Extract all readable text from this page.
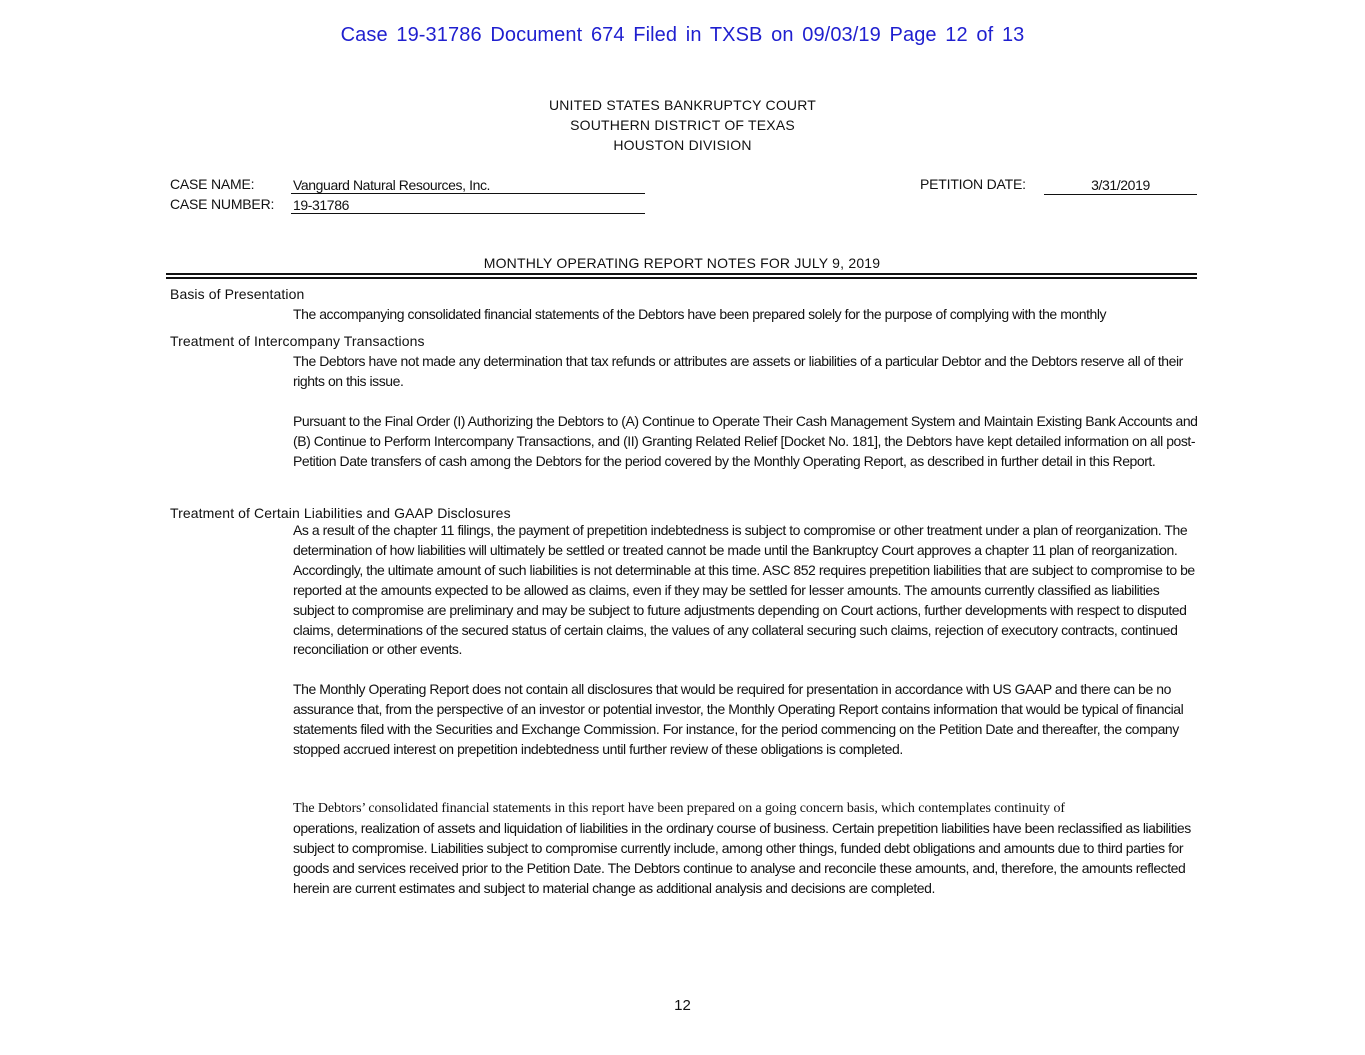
Case 19-31786 Document 674 Filed in TXSB on 09/03/19 Page 12 of 13
UNITED STATES BANKRUPTCY COURT
SOUTHERN DISTRICT OF TEXAS
HOUSTON DIVISION
CASE NAME:	Vanguard Natural Resources, Inc.
CASE NUMBER: 19-31786
PETITION DATE:	3/31/2019
MONTHLY OPERATING REPORT NOTES FOR JULY 9, 2019
Basis of Presentation
The accompanying consolidated financial statements of the Debtors have been prepared solely for the purpose of complying with the monthly
Treatment of Intercompany Transactions
The Debtors have not made any determination that tax refunds or attributes are assets or liabilities of a particular Debtor and the Debtors reserve all of their rights on this issue.
Pursuant to the Final Order (I) Authorizing the Debtors to (A) Continue to Operate Their Cash Management System and Maintain Existing Bank Accounts and (B) Continue to Perform Intercompany Transactions, and (II) Granting Related Relief [Docket No. 181], the Debtors have kept detailed information on all post-Petition Date transfers of cash among the Debtors for the period covered by the Monthly Operating Report, as described in further detail in this Report.
Treatment of Certain Liabilities and GAAP Disclosures
As a result of the chapter 11 filings, the payment of prepetition indebtedness is subject to compromise or other treatment under a plan of reorganization. The determination of how liabilities will ultimately be settled or treated cannot be made until the Bankruptcy Court approves a chapter 11 plan of reorganization. Accordingly, the ultimate amount of such liabilities is not determinable at this time. ASC 852 requires prepetition liabilities that are subject to compromise to be reported at the amounts expected to be allowed as claims, even if they may be settled for lesser amounts. The amounts currently classified as liabilities subject to compromise are preliminary and may be subject to future adjustments depending on Court actions, further developments with respect to disputed claims, determinations of the secured status of certain claims, the values of any collateral securing such claims, rejection of executory contracts, continued reconciliation or other events.
The Monthly Operating Report does not contain all disclosures that would be required for presentation in accordance with US GAAP and there can be no assurance that, from the perspective of an investor or potential investor, the Monthly Operating Report contains information that would be typical of financial statements filed with the Securities and Exchange Commission. For instance, for the period commencing on the Petition Date and thereafter, the company stopped accrued interest on prepetition indebtedness until further review of these obligations is completed.
The Debtors’ consolidated financial statements in this report have been prepared on a going concern basis, which contemplates continuity of
operations, realization of assets and liquidation of liabilities in the ordinary course of business. Certain prepetition liabilities have been reclassified as liabilities subject to compromise. Liabilities subject to compromise currently include, among other things, funded debt obligations and amounts due to third parties for goods and services received prior to the Petition Date. The Debtors continue to analyse and reconcile these amounts, and, therefore, the amounts reflected herein are current estimates and subject to material change as additional analysis and decisions are completed.
12
